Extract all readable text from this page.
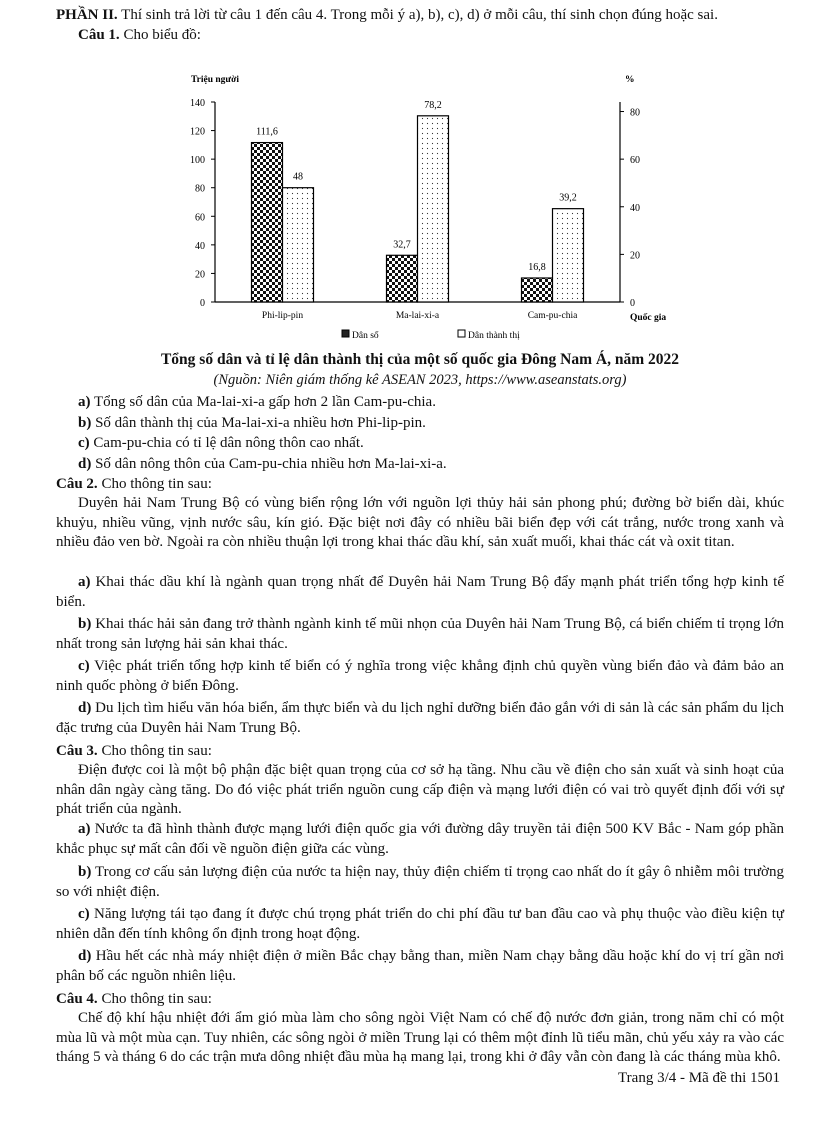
PHẦN II. Thí sinh trả lời từ câu 1 đến câu 4. Trong mỗi ý a), b), c), d) ở mỗi câu, thí sinh chọn đúng hoặc sai.
Câu 1. Cho biểu đồ:
0
20
40
60
80
100
120
140
0
20
40
60
80
Triệu người	%
Quốc gia
111,6
48
Phi-lip-pin
32,7
78,2
Ma-lai-xi-a
16,8
39,2
Cam-pu-chia
Dân số	Dân thành thị
Tổng số dân và tỉ lệ dân thành thị của một số quốc gia Đông Nam Á, năm 2022
(Nguồn: Niên giám thống kê ASEAN 2023, https://www.aseanstats.org)
a) Tổng số dân của Ma-lai-xi-a gấp hơn 2 lần Cam-pu-chia.
b) Số dân thành thị của Ma-lai-xi-a nhiều hơn Phi-lip-pin.
c) Cam-pu-chia có tỉ lệ dân nông thôn cao nhất.
d) Số dân nông thôn của Cam-pu-chia nhiều hơn Ma-lai-xi-a.
Câu 2. Cho thông tin sau:
Duyên hải Nam Trung Bộ có vùng biển rộng lớn với nguồn lợi thủy hải sản phong phú; đường bờ biển dài, khúc khuỷu, nhiều vũng, vịnh nước sâu, kín gió. Đặc biệt nơi đây có nhiều bãi biển đẹp với cát trắng, nước trong xanh và nhiều đảo ven bờ. Ngoài ra còn nhiều thuận lợi trong khai thác dầu khí, sản xuất muối, khai thác cát và oxit titan.
a) Khai thác dầu khí là ngành quan trọng nhất để Duyên hải Nam Trung Bộ đẩy mạnh phát triển tổng hợp kinh tế biển.
b) Khai thác hải sản đang trở thành ngành kinh tế mũi nhọn của Duyên hải Nam Trung Bộ, cá biển chiếm tỉ trọng lớn nhất trong sản lượng hải sản khai thác.
c) Việc phát triển tổng hợp kinh tế biển có ý nghĩa trong việc khẳng định chủ quyền vùng biển đảo và đảm bảo an ninh quốc phòng ở biển Đông.
d) Du lịch tìm hiểu văn hóa biển, ẩm thực biển và du lịch nghỉ dưỡng biển đảo gắn với di sản là các sản phẩm du lịch đặc trưng của Duyên hải Nam Trung Bộ.
Câu 3. Cho thông tin sau:
Điện được coi là một bộ phận đặc biệt quan trọng của cơ sở hạ tầng. Nhu cầu về điện cho sản xuất và sinh hoạt của nhân dân ngày càng tăng. Do đó việc phát triển nguồn cung cấp điện và mạng lưới điện có vai trò quyết định đối với sự phát triển của ngành.
a) Nước ta đã hình thành được mạng lưới điện quốc gia với đường dây truyền tải điện 500 KV Bắc - Nam góp phần khắc phục sự mất cân đối về nguồn điện giữa các vùng.
b) Trong cơ cấu sản lượng điện của nước ta hiện nay, thủy điện chiếm tỉ trọng cao nhất do ít gây ô nhiễm môi trường so với nhiệt điện.
c) Năng lượng tái tạo đang ít được chú trọng phát triển do chi phí đầu tư ban đầu cao và phụ thuộc vào điều kiện tự nhiên dẫn đến tính không ổn định trong hoạt động.
d) Hầu hết các nhà máy nhiệt điện ở miền Bắc chạy bằng than, miền Nam chạy bằng dầu hoặc khí do vị trí gần nơi phân bố các nguồn nhiên liệu.
Câu 4. Cho thông tin sau:
Chế độ khí hậu nhiệt đới ẩm gió mùa làm cho sông ngòi Việt Nam có chế độ nước đơn giản, trong năm chỉ có một mùa lũ và một mùa cạn. Tuy nhiên, các sông ngòi ở miền Trung lại có thêm một đỉnh lũ tiểu mãn, chủ yếu xảy ra vào các tháng 5 và tháng 6 do các trận mưa dông nhiệt đầu mùa hạ mang lại, trong khi ở đây vẫn còn đang là các tháng mùa khô.
Trang 3/4 - Mã đề thi 1501
